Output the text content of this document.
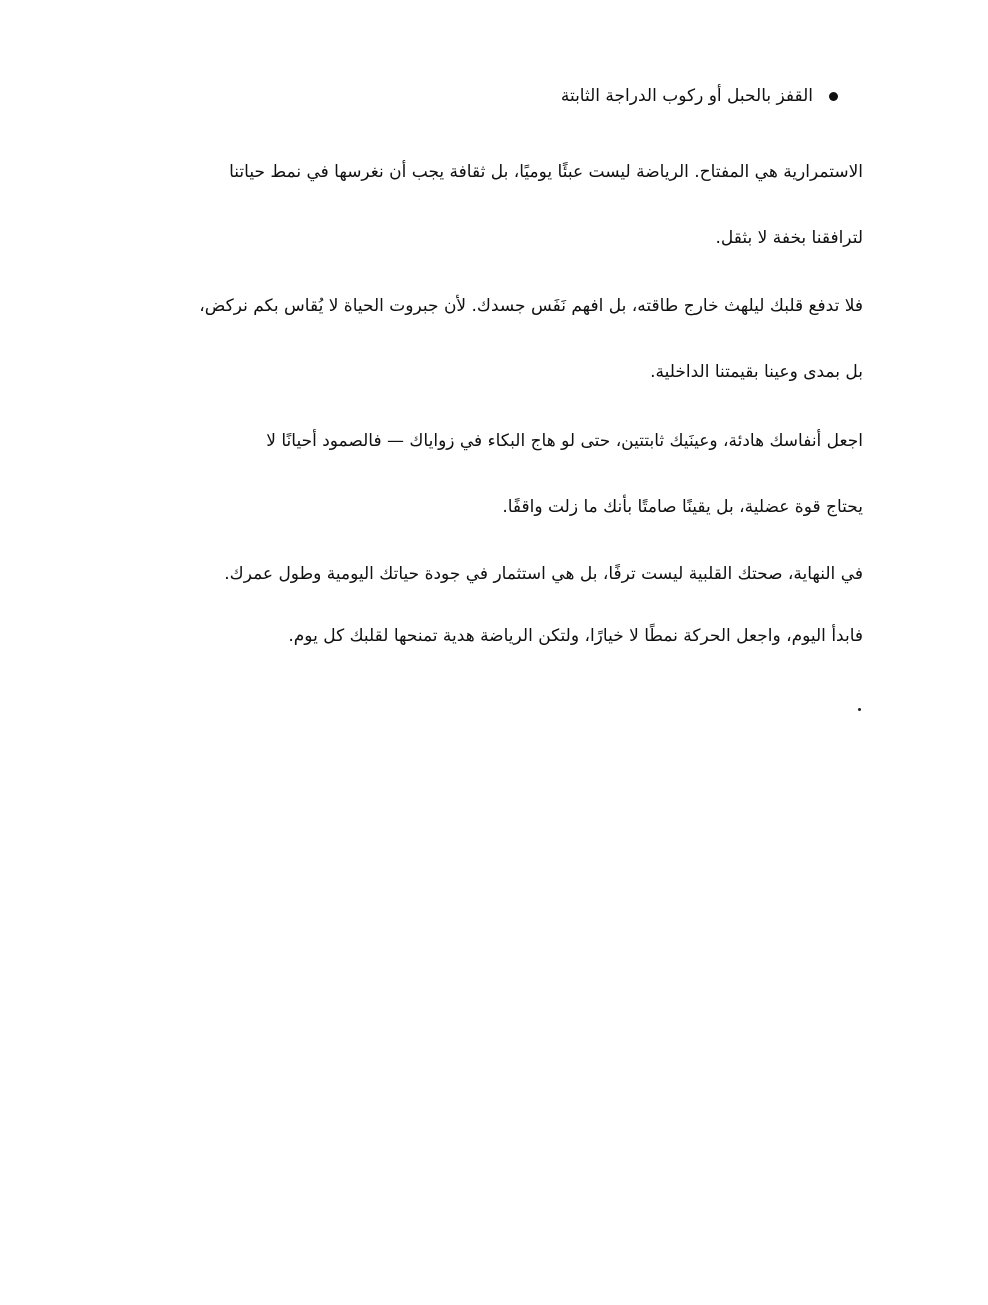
القفز بالحبل أو ركوب الدراجة الثابتة
الاستمرارية هي المفتاح. الرياضة ليست عبئًا يوميًا، بل ثقافة يجب أن نغرسها في نمط حياتنا
لترافقنا بخفة لا بثقل.
فلا تدفع قلبك ليلهث خارج طاقته، بل افهم نَفَس جسدك. لأن جبروت الحياة لا يُقاس بكم نركض،
بل بمدى وعينا بقيمتنا الداخلية.
اجعل أنفاسك هادئة، وعينَيك ثابتتين، حتى لو هاج البكاء في زواياك — فالصمود أحيانًا لا
يحتاج قوة عضلية، بل يقينًا صامتًا بأنك ما زلت واقفًا.
في النهاية، صحتك القلبية ليست ترفًا، بل هي استثمار في جودة حياتك اليومية وطول عمرك.
فابدأ اليوم، واجعل الحركة نمطًا لا خيارًا، ولتكن الرياضة هدية تمنحها لقلبك كل يوم.
